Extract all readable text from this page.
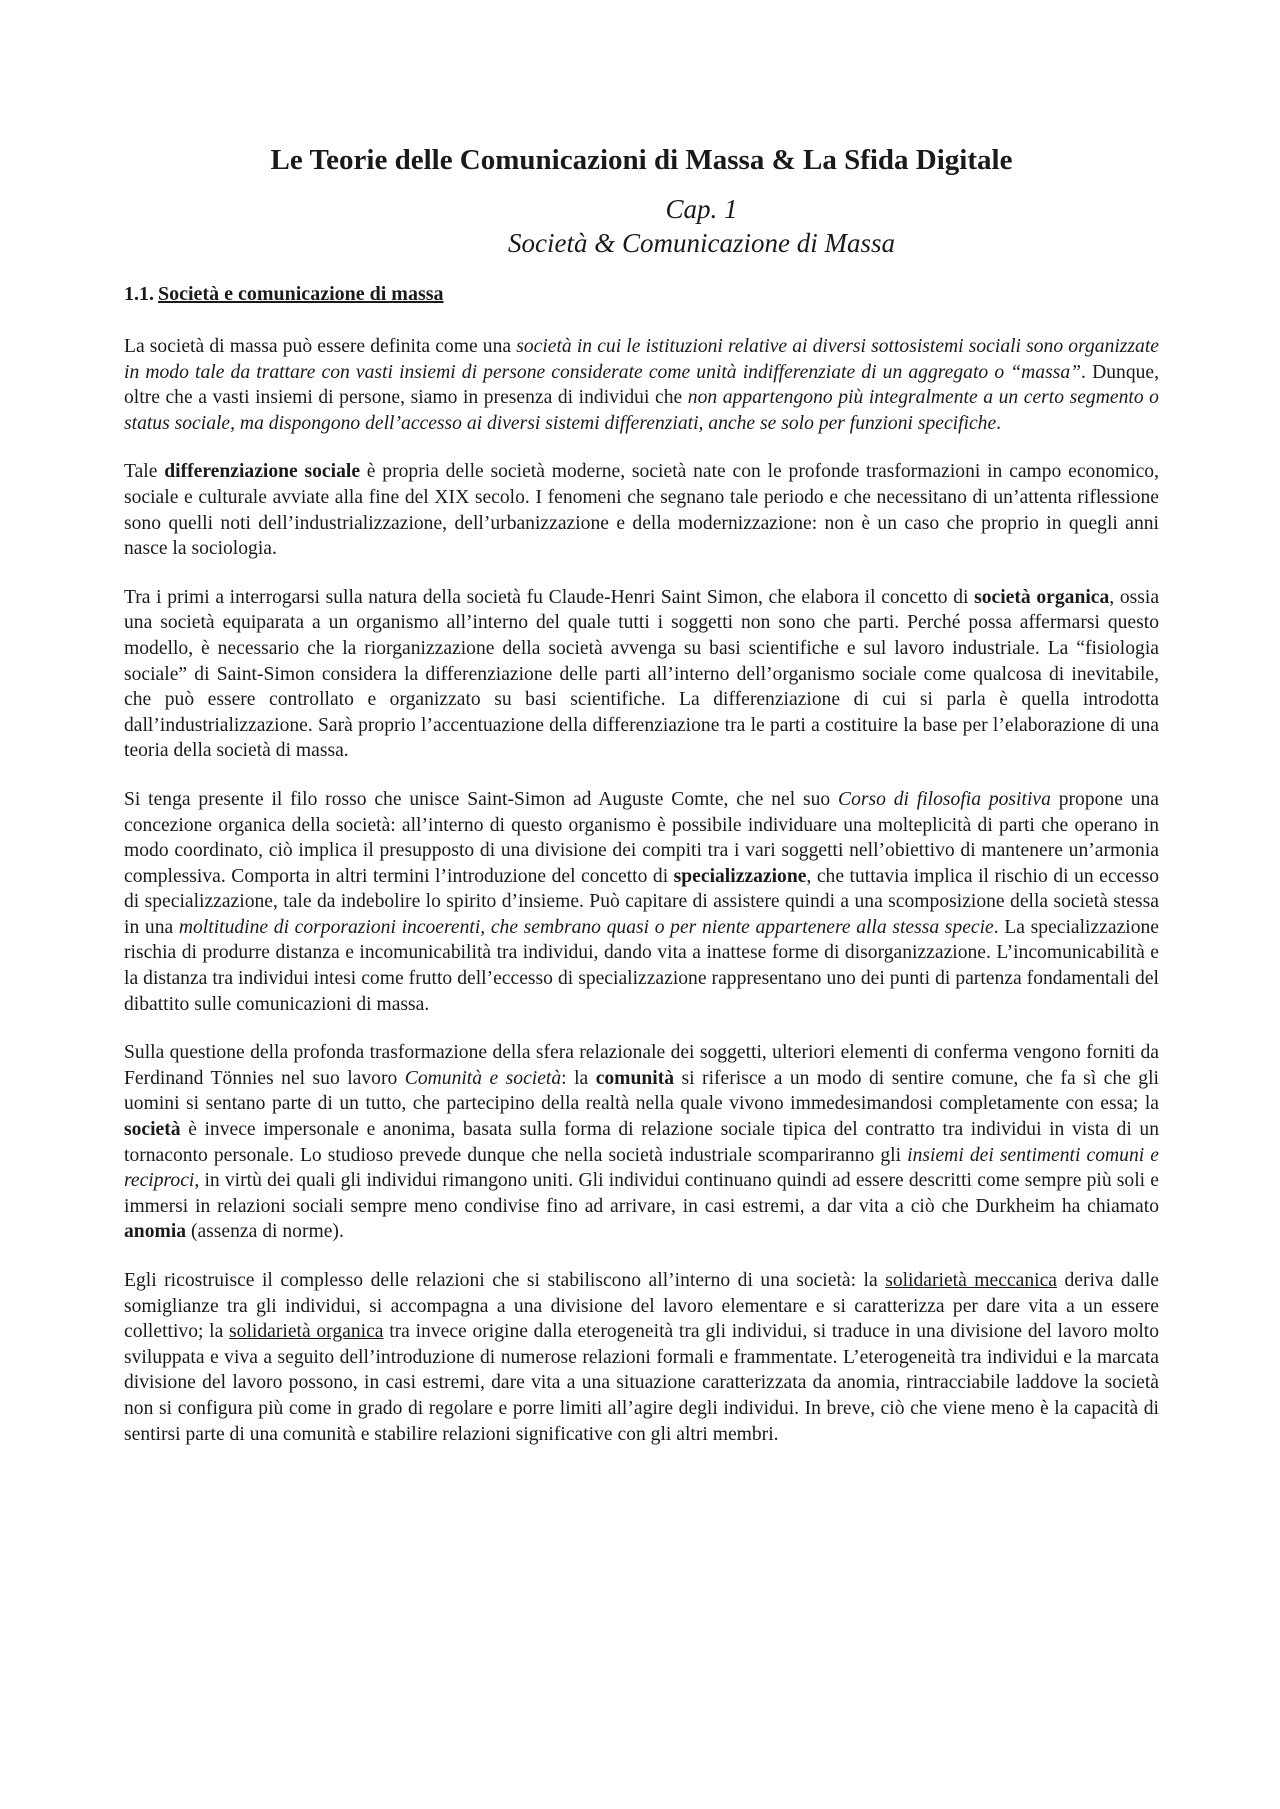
Le Teorie delle Comunicazioni di Massa & La Sfida Digitale
Cap. 1
Società & Comunicazione di Massa
1.1. Società e comunicazione di massa

La società di massa può essere definita come una società in cui le istituzioni relative ai diversi sottosistemi sociali sono organizzate in modo tale da trattare con vasti insiemi di persone considerate come unità indifferenziate di un aggregato o “massa”. Dunque, oltre che a vasti insiemi di persone, siamo in presenza di individui che non appartengono più integralmente a un certo segmento o status sociale, ma dispongono dell’accesso ai diversi sistemi differenziati, anche se solo per funzioni specifiche.

Tale differenziazione sociale è propria delle società moderne, società nate con le profonde trasformazioni in campo economico, sociale e culturale avviate alla fine del XIX secolo. I fenomeni che segnano tale periodo e che necessitano di un’attenta riflessione sono quelli noti dell’industrializzazione, dell’urbanizzazione e della modernizzazione: non è un caso che proprio in quegli anni nasce la sociologia.

Tra i primi a interrogarsi sulla natura della società fu Claude-Henri Saint Simon, che elabora il concetto di società organica, ossia una società equiparata a un organismo all’interno del quale tutti i soggetti non sono che parti. Perché possa affermarsi questo modello, è necessario che la riorganizzazione della società avvenga su basi scientifiche e sul lavoro industriale. La “fisiologia sociale” di Saint-Simon considera la differenziazione delle parti all’interno dell’organismo sociale come qualcosa di inevitabile, che può essere controllato e organizzato su basi scientifiche. La differenziazione di cui si parla è quella introdotta dall’industrializzazione. Sarà proprio l’accentuazione della differenziazione tra le parti a costituire la base per l’elaborazione di una teoria della società di massa.

Si tenga presente il filo rosso che unisce Saint-Simon ad Auguste Comte, che nel suo Corso di filosofia positiva propone una concezione organica della società: all’interno di questo organismo è possibile individuare una molteplicità di parti che operano in modo coordinato, ciò implica il presupposto di una divisione dei compiti tra i vari soggetti nell’obiettivo di mantenere un’armonia complessiva. Comporta in altri termini l’introduzione del concetto di specializzazione, che tuttavia implica il rischio di un eccesso di specializzazione, tale da indebolire lo spirito d’insieme. Può capitare di assistere quindi a una scomposizione della società stessa in una moltitudine di corporazioni incoerenti, che sembrano quasi o per niente appartenere alla stessa specie. La specializzazione rischia di produrre distanza e incomunicabilità tra individui, dando vita a inattese forme di disorganizzazione. L’incomunicabilità e la distanza tra individui intesi come frutto dell’eccesso di specializzazione rappresentano uno dei punti di partenza fondamentali del dibattito sulle comunicazioni di massa.

Sulla questione della profonda trasformazione della sfera relazionale dei soggetti, ulteriori elementi di conferma vengono forniti da Ferdinand Tönnies nel suo lavoro Comunità e società: la comunità si riferisce a un modo di sentire comune, che fa sì che gli uomini si sentano parte di un tutto, che partecipino della realtà nella quale vivono immedesimandosi completamente con essa; la società è invece impersonale e anonima, basata sulla forma di relazione sociale tipica del contratto tra individui in vista di un tornaconto personale. Lo studioso prevede dunque che nella società industriale scompariranno gli insiemi dei sentimenti comuni e reciproci, in virtù dei quali gli individui rimangono uniti. Gli individui continuano quindi ad essere descritti come sempre più soli e immersi in relazioni sociali sempre meno condivise fino ad arrivare, in casi estremi, a dar vita a ciò che Durkheim ha chiamato anomia (assenza di norme).

Egli ricostruisce il complesso delle relazioni che si stabiliscono all’interno di una società: la solidarietà meccanica deriva dalle somiglianze tra gli individui, si accompagna a una divisione del lavoro elementare e si caratterizza per dare vita a un essere collettivo; la solidarietà organica tra invece origine dalla eterogeneità tra gli individui, si traduce in una divisione del lavoro molto sviluppata e viva a seguito dell’introduzione di numerose relazioni formali e frammentate. L’eterogeneità tra individui e la marcata divisione del lavoro possono, in casi estremi, dare vita a una situazione caratterizzata da anomia, rintracciabile laddove la società non si configura più come in grado di regolare e porre limiti all’agire degli individui. In breve, ciò che viene meno è la capacità di sentirsi parte di una comunità e stabilire relazioni significative con gli altri membri.
